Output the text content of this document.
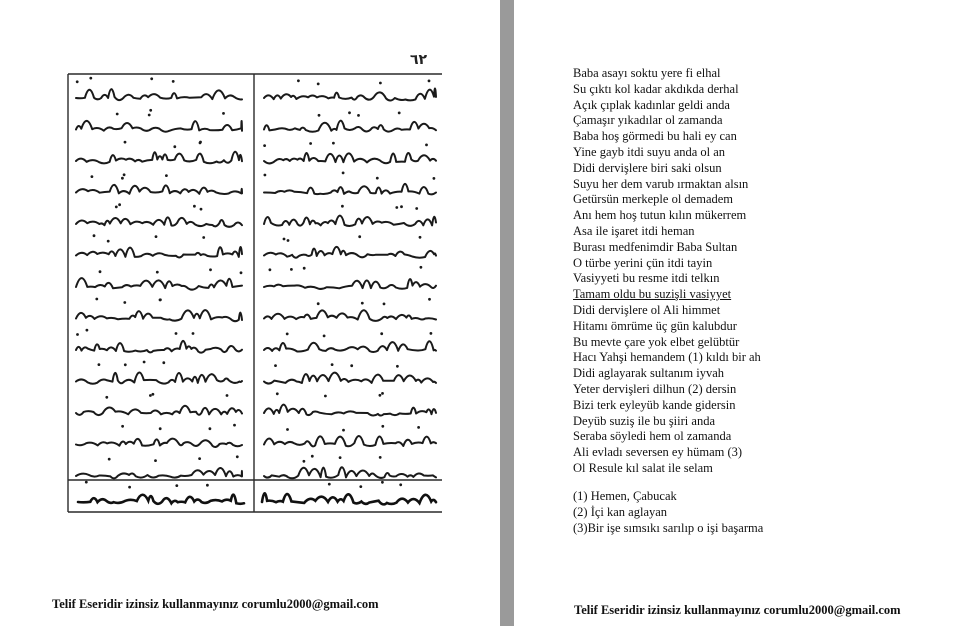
٦٢
Telif Eseridir izinsiz kullanmayınız corumlu2000@gmail.com
Baba asayı soktu yere fi elhal
Su çıktı kol kadar akdıkda derhal
Açık çıplak kadınlar geldi anda
Çamaşır yıkadılar ol zamanda
Baba hoş görmedi bu hali ey can
Yine gayb itdi suyu anda ol an
Didi dervişlere biri saki olsun
Suyu her dem varub ırmaktan alsın
Getürsün merkeple ol demadem
Anı hem hoş tutun kılın mükerrem
Asa ile işaret itdi heman
Burası medfenimdir Baba Sultan
O türbe yerini çün itdi tayin
Vasiyyeti bu resme itdi telkın
Tamam oldu bu suzişli vasiyyet
Didi dervişlere ol Ali himmet
Hitamı ömrüme üç gün kalubdur
Bu mevte çare yok elbet gelübtür
Hacı Yahşi hemandem (1) kıldı bir ah
Didi aglayarak sultanım iyvah
Yeter dervişleri dilhun (2) dersin
Bizi terk eyleyüb kande gidersin
Deyüb suziş ile bu şiiri anda
Seraba söyledi hem ol zamanda
Ali evladı seversen ey hümam (3)
Ol Resule kıl salat ile selam
(1) Hemen, Çabucak
(2) İçi kan aglayan
(3)Bir işe sımsıkı sarılıp o işi başarma
Telif Eseridir izinsiz kullanmayınız corumlu2000@gmail.com
